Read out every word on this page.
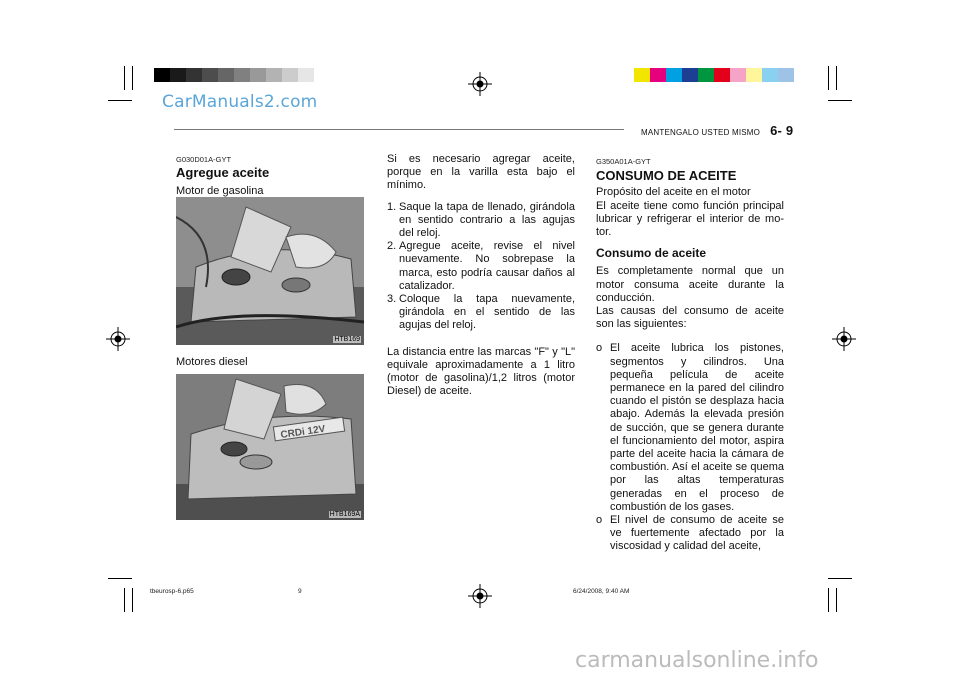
CarManuals2.com
MANTENGALO USTED MISMO 6- 9
G030D01A-GYT
Agregue aceite
Motor de gasolina
HTB169
Motores diesel
CRDi 12V
HTB169A
Si es necesario agregar aceite, porque en la varilla esta bajo el mínimo.
1. Saque la tapa de llenado, girándola en sentido contrario a las agujas del reloj.
2. Agregue aceite, revise el nivel nuevamente. No sobrepase la marca, esto podría causar daños al catalizador.
3. Coloque la tapa nuevamente, girándola en el sentido de las agujas del reloj.
La distancia entre las marcas "F" y "L" equivale aproximadamente a 1 litro (motor de gasolina)/1,2 litros (motor Diesel) de aceite.
G350A01A-GYT
CONSUMO DE ACEITE
Propósito del aceite en el motor
El aceite tiene como función principal lubricar y refrigerar el interior de mo-tor.
Consumo de aceite
Es completamente normal que un motor consuma aceite durante la conducción.
Las causas del consumo de aceite son las siguientes:
o El aceite lubrica los pistones, segmentos y cilindros. Una pequeña película de aceite permanece en la pared del cilindro cuando el pistón se desplaza hacia abajo. Además la elevada presión de succión, que se genera durante el funcionamiento del motor, aspira parte del aceite hacia la cámara de combustión. Así el aceite se quema por las altas temperaturas generadas en el proceso de combustión de los gases.
o El nivel de consumo de aceite se ve fuertemente afectado por la viscosidad y calidad del aceite,
tbeurosp-6.p65	9	6/24/2008, 9:40 AM
carmanualsonline.info
